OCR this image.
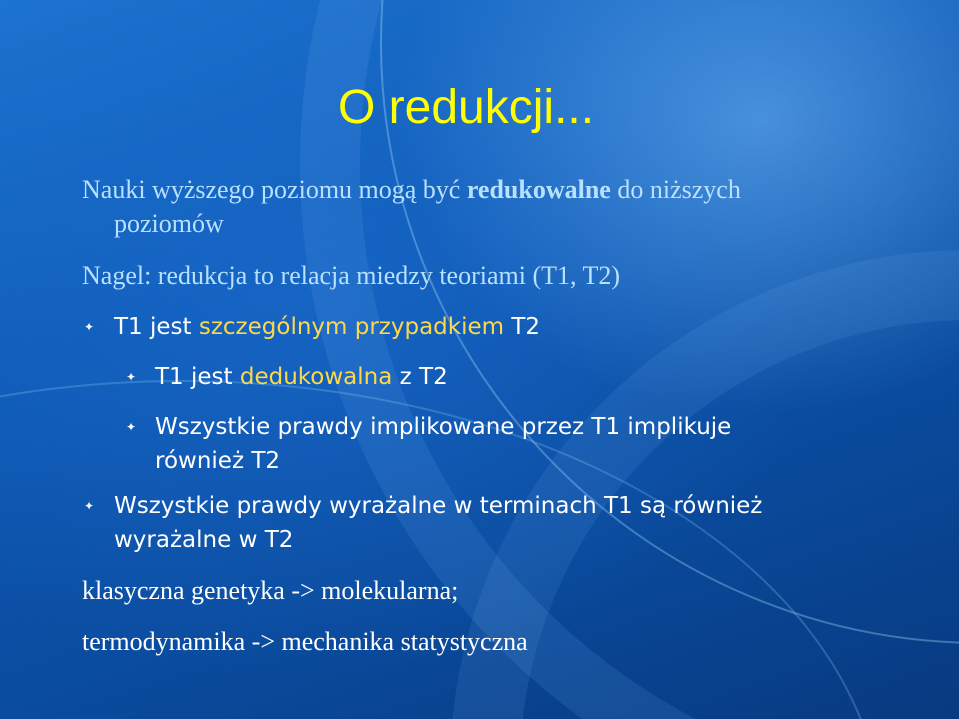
O redukcji...
Nauki wyższego poziomu mogą być redukowalne do niższych
poziomów
Nagel: redukcja to relacja miedzy teoriami (T1, T2)
✦ T1 jest szczególnym przypadkiem T2
✦ T1 jest dedukowalna z T2
✦ Wszystkie prawdy implikowane przez T1 implikuje
również T2
✦ Wszystkie prawdy wyrażalne w terminach T1 są również
wyrażalne w T2
klasyczna genetyka -> molekularna;
termodynamika -> mechanika statystyczna
